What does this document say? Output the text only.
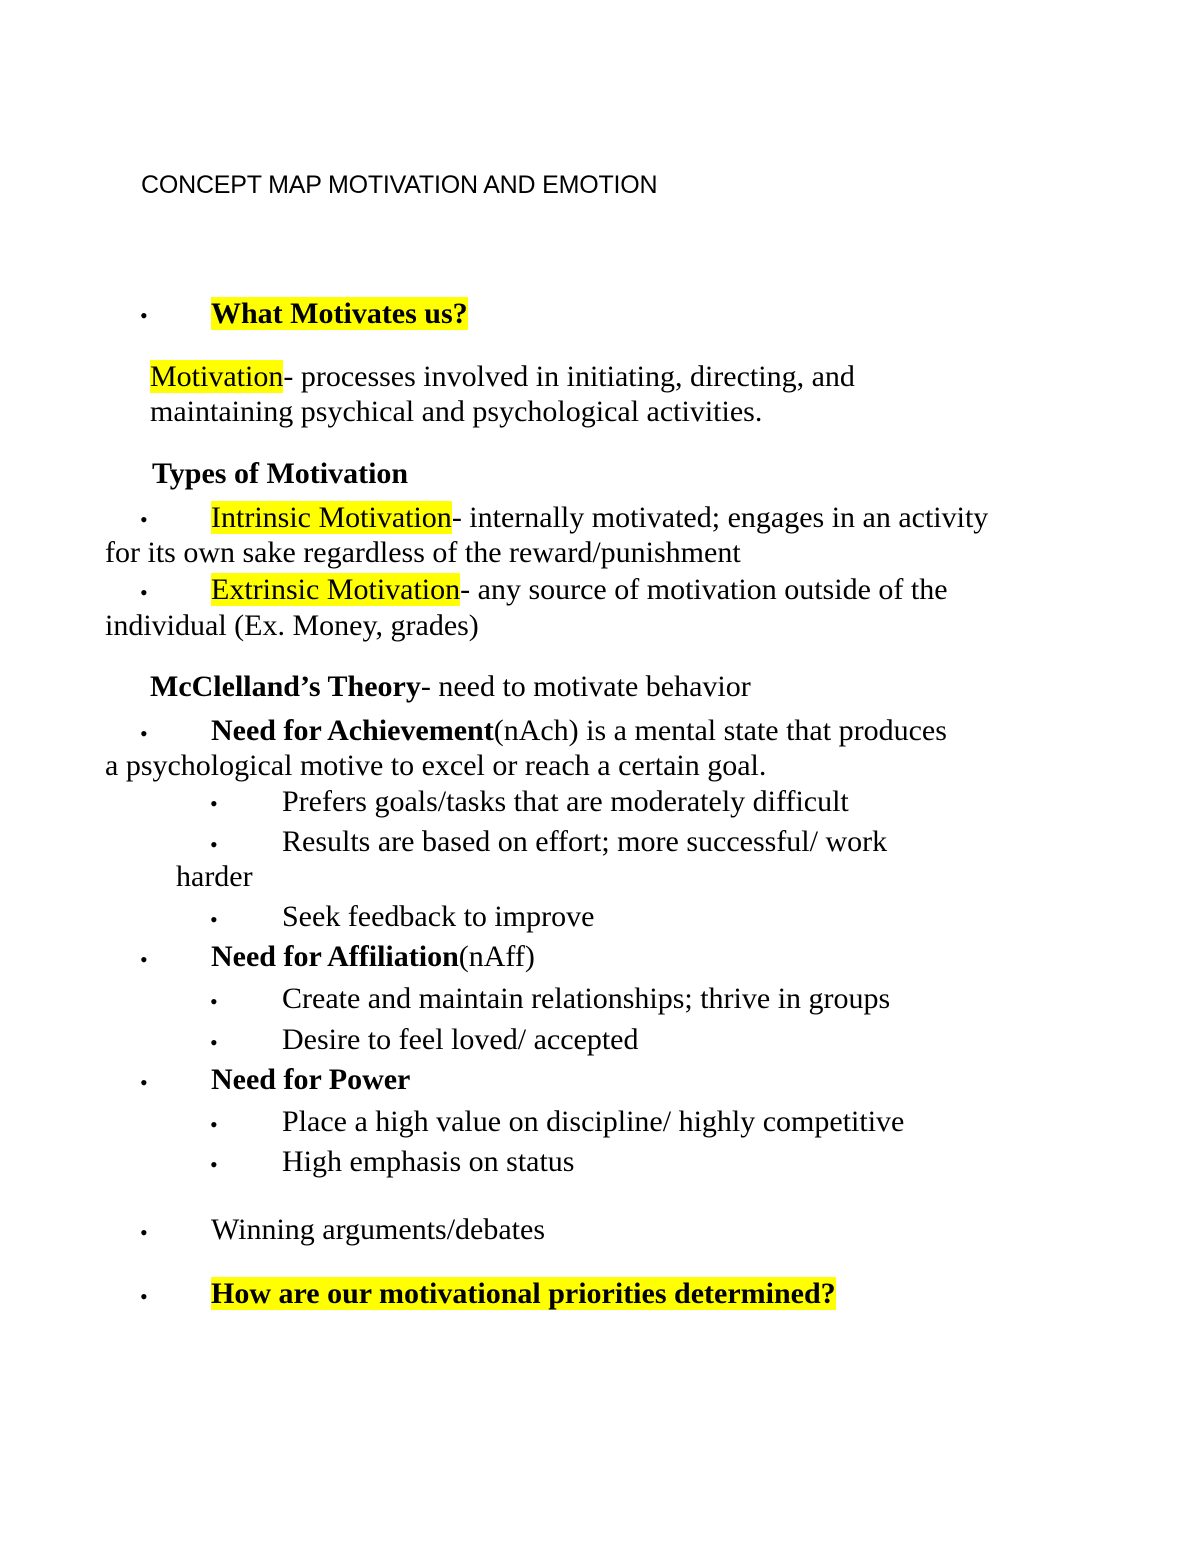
CONCEPT MAP MOTIVATION AND EMOTION
• What Motivates us?
Motivation- processes involved in initiating, directing, and
maintaining psychical and psychological activities.
Types of Motivation
• Intrinsic Motivation- internally motivated; engages in an activity
for its own sake regardless of the reward/punishment
• Extrinsic Motivation- any source of motivation outside of the
individual (Ex. Money, grades)
McClelland’s Theory- need to motivate behavior
• Need for Achievement(nAch) is a mental state that produces
a psychological motive to excel or reach a certain goal.
• Prefers goals/tasks that are moderately difficult
• Results are based on effort; more successful/ work
harder
• Seek feedback to improve
• Need for Affiliation(nAff)
• Create and maintain relationships; thrive in groups
• Desire to feel loved/ accepted
• Need for Power
• Place a high value on discipline/ highly competitive
• High emphasis on status
• Winning arguments/debates
• How are our motivational priorities determined?
